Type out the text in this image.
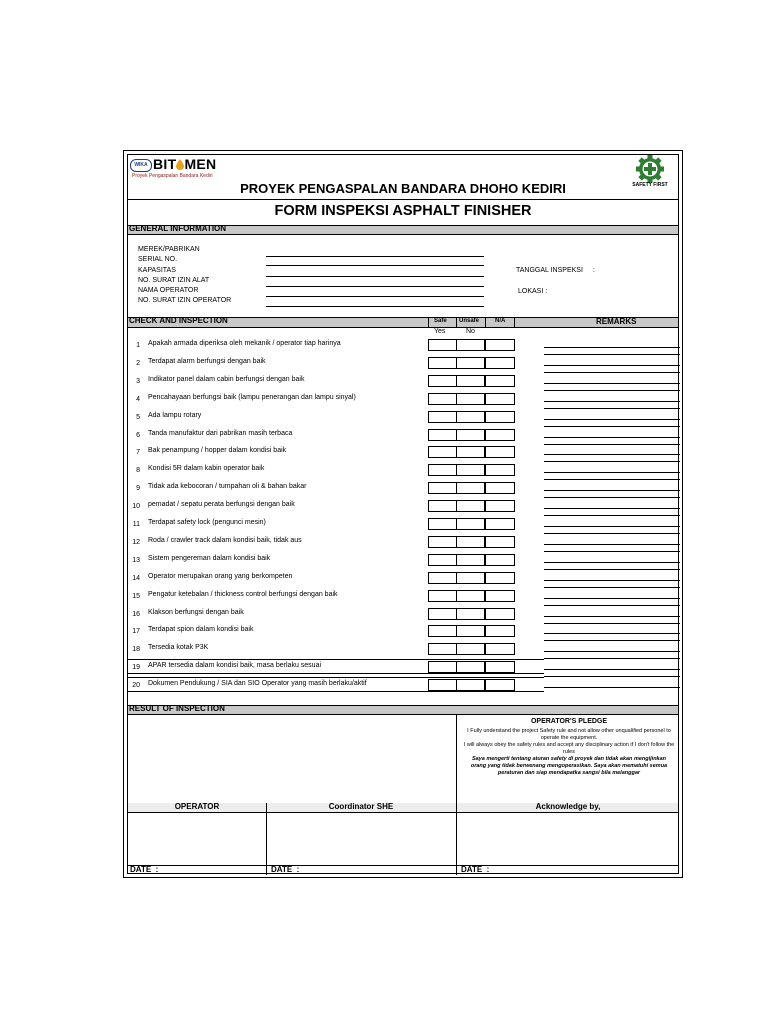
WIKA BIT MEN
Proyek Pengaspalan Bandara Kediri
SAFETY FIRST
PROYEK PENGASPALAN BANDARA DHOHO KEDIRI
FORM INSPEKSI ASPHALT FINISHER
GENERAL INFORMATION
MEREK/PABRIKAN
SERIAL NO.
KAPASITAS
NO. SURAT IZIN ALAT
NAMA OPERATOR
NO. SURAT IZIN OPERATOR
TANGGAL INSPEKSI :
LOKASI :
CHECK AND INSPECTION	Safe Unsafe	N/A	REMARKS
Yes	No
1 Apakah armada diperiksa oleh mekanik / operator tiap harinya
2 Terdapat alarm berfungsi dengan baik
3 Indikator panel dalam cabin berfungsi dengan baik
4 Pencahayaan berfungsi baik (lampu penerangan dan lampu sinyal)
5 Ada lampu rotary
6 Tanda manufaktur dari pabrikan masih terbaca
7 Bak penampung / hopper dalam kondisi baik
8 Kondisi 5R dalam kabin operator baik
9 Tidak ada kebocoran / tumpahan oli & bahan bakar
10 pemadat / sepatu perata berfungsi dengan baik
11 Terdapat safety lock (pengunci mesin)
12 Roda / crawler track dalam kondisi baik, tidak aus
13 Sistem pengereman dalam kondisi baik
14 Operator merupakan orang yang berkompeten
15 Pengatur ketebalan / thickness control berfungsi dengan baik
16 Klakson berfungsi dengan baik
17 Terdapat spion dalam kondisi baik
18 Tersedia kotak P3K
19 APAR tersedia dalam kondisi baik, masa berlaku sesuai
20 Dokumen Pendukung / SIA dan SIO Operator yang masih berlaku/aktif
RESULT OF INSPECTION
OPERATOR'S PLEDGE
I Fully understand the project Safety rule and not allow other unqualified personel to operate the equipment.
I will always obey the safety rules and accept any disciplinary action if I don't follow the rules
Saya mengerti tentang aturan safety di proyek dan tidak akan mengijinkan orang yang tidak berwenang mengoperasikan. Saya akan mematuhi semua peraturan dan siap mendapatka sangsi bila melanggar
OPERATOR	Coordinator SHE	Acknowledge by,
DATE  :	DATE  :	DATE  :
